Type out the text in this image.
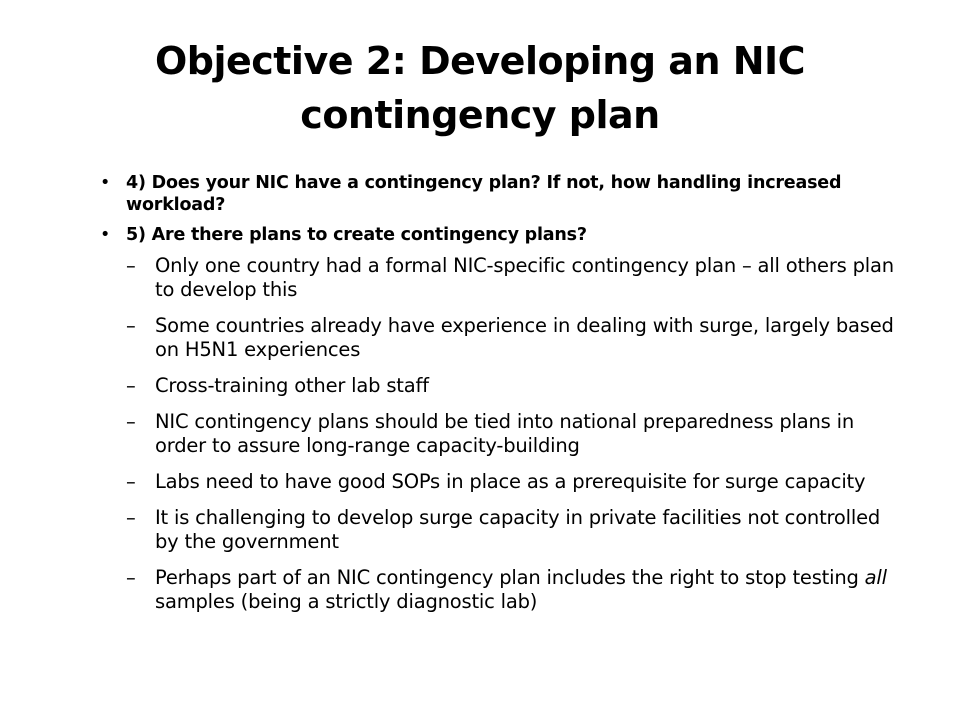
Objective 2: Developing an NIC
contingency plan
• 4) Does your NIC have a contingency plan? If not, how handling increased workload?
• 5) Are there plans to create contingency plans?
– Only one country had a formal NIC-specific contingency plan – all others plan to develop this
– Some countries already have experience in dealing with surge, largely based on H5N1 experiences
– Cross-training other lab staff
– NIC contingency plans should be tied into national preparedness plans in order to assure long-range capacity-building
– Labs need to have good SOPs in place as a prerequisite for surge capacity
– It is challenging to develop surge capacity in private facilities not controlled by the government
– Perhaps part of an NIC contingency plan includes the right to stop testing all samples (being a strictly diagnostic lab)
